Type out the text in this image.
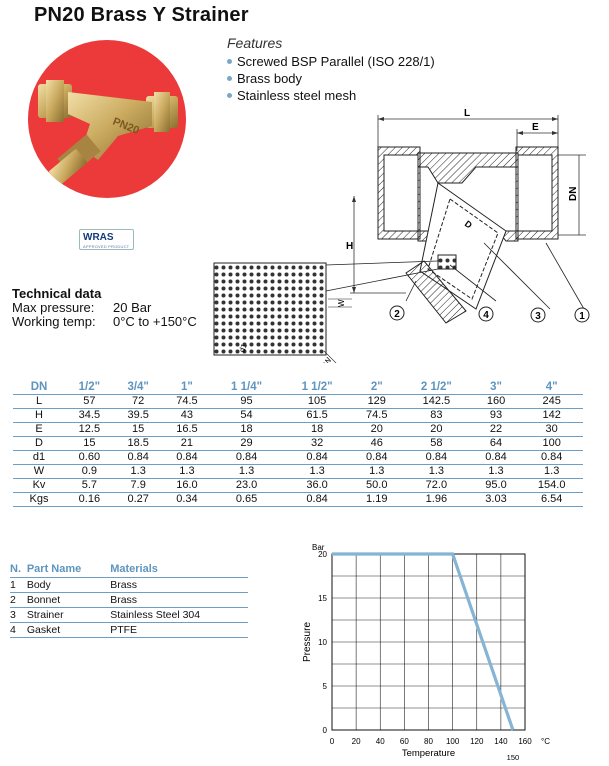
PN20 Brass Y Strainer
PN20
WRAS
APPROVED PRODUCT
Features
Screwed BSP Parallel (ISO 228/1)
Brass body
Stainless steel mesh
L
E
DN
H
D
W
W
d1
2	4	3	1
Technical data
Max pressure: 20 Bar
Working temp: 0°C to +150°C
DN	1/2"	3/4"	1"	1 1/4"	1 1/2"	2"	2 1/2"	3"	4"
L	57	72	74.5	95	105	129	142.5	160	245
H	34.5	39.5	43	54	61.5	74.5	83	93	142
E	12.5	15	16.5	18	18	20	20	22	30
D	15	18.5	21	29	32	46	58	64	100
d1	0.60	0.84	0.84	0.84	0.84	0.84	0.84	0.84	0.84
W	0.9	1.3	1.3	1.3	1.3	1.3	1.3	1.3	1.3
Kv	5.7	7.9	16.0	23.0	36.0	50.0	72.0	95.0	154.0
Kgs	0.16	0.27	0.34	0.65	0.84	1.19	1.96	3.03	6.54
N.	Part Name	Materials
1	Body	Brass
2	Bonnet	Brass
3	Strainer	Stainless Steel 304
4	Gasket	PTFE
0 20 40 60 80 100 120 140 160
0
5
10
15
20
150
°C
Bar
Temperature
Pressure
